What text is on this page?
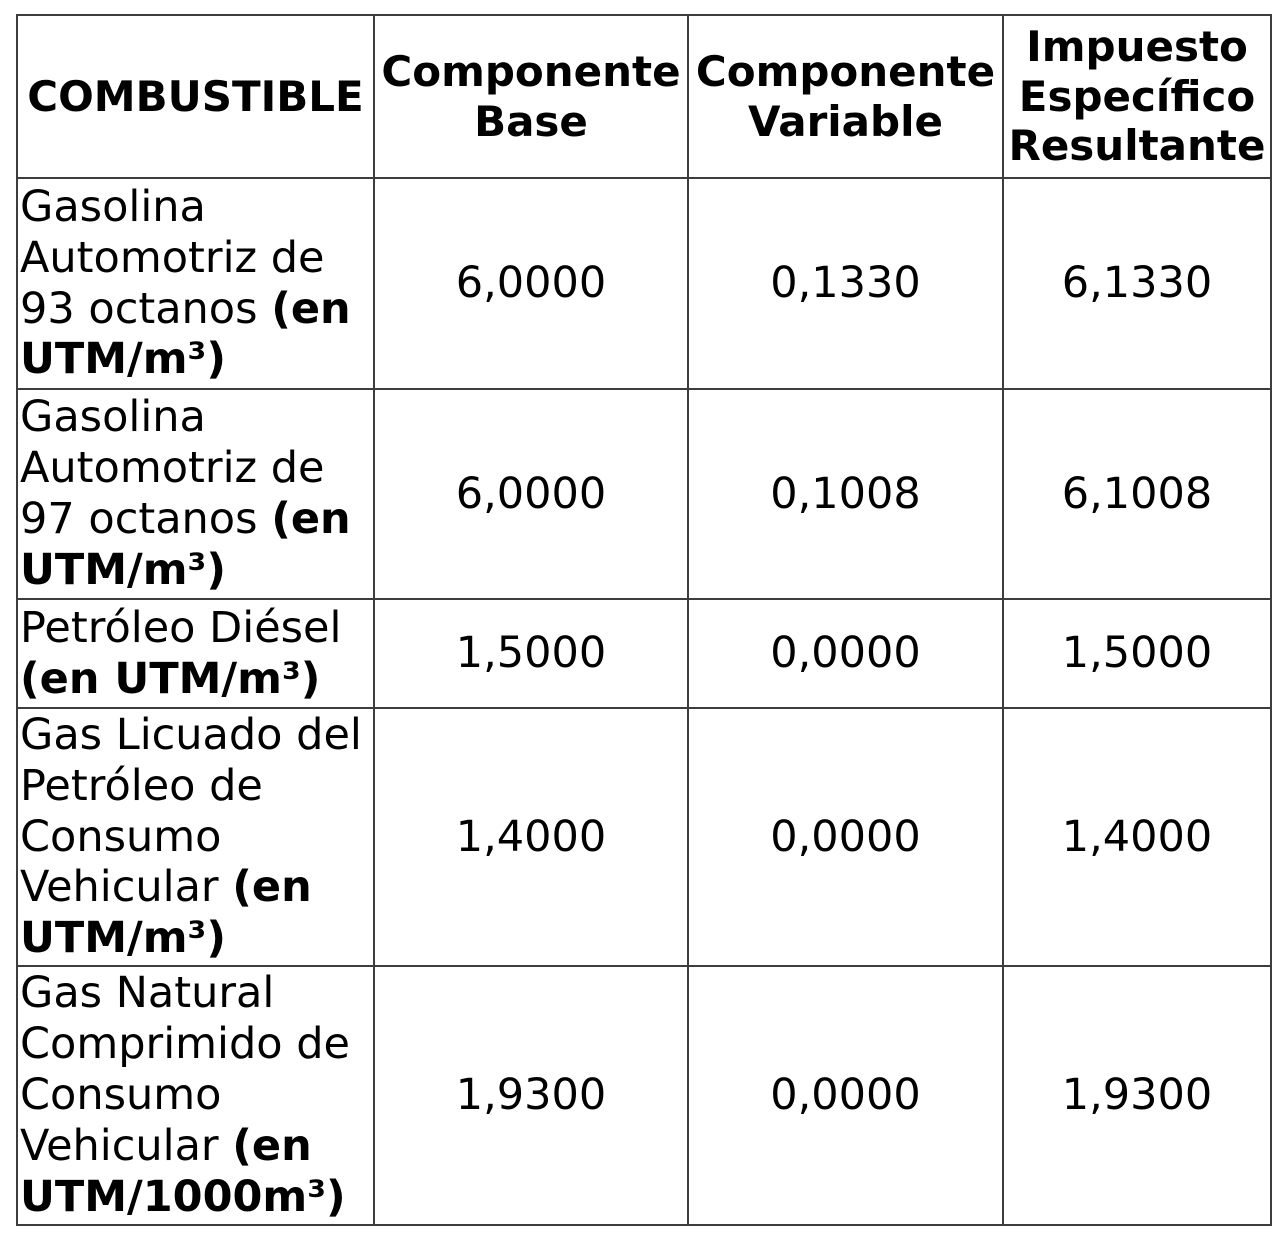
COMBUSTIBLE	Componente Base	Componente Variable	Impuesto Específico Resultante
Gasolina Automotriz de 93 octanos (en UTM/m³)	6,0000	0,1330	6,1330
Gasolina Automotriz de 97 octanos (en UTM/m³)	6,0000	0,1008	6,1008
Petróleo Diésel (en UTM/m³)	1,5000	0,0000	1,5000
Gas Licuado del Petróleo de Consumo Vehicular (en UTM/m³)	1,4000	0,0000	1,4000
Gas Natural Comprimido de Consumo Vehicular (en UTM/1000m³)	1,9300	0,0000	1,9300
